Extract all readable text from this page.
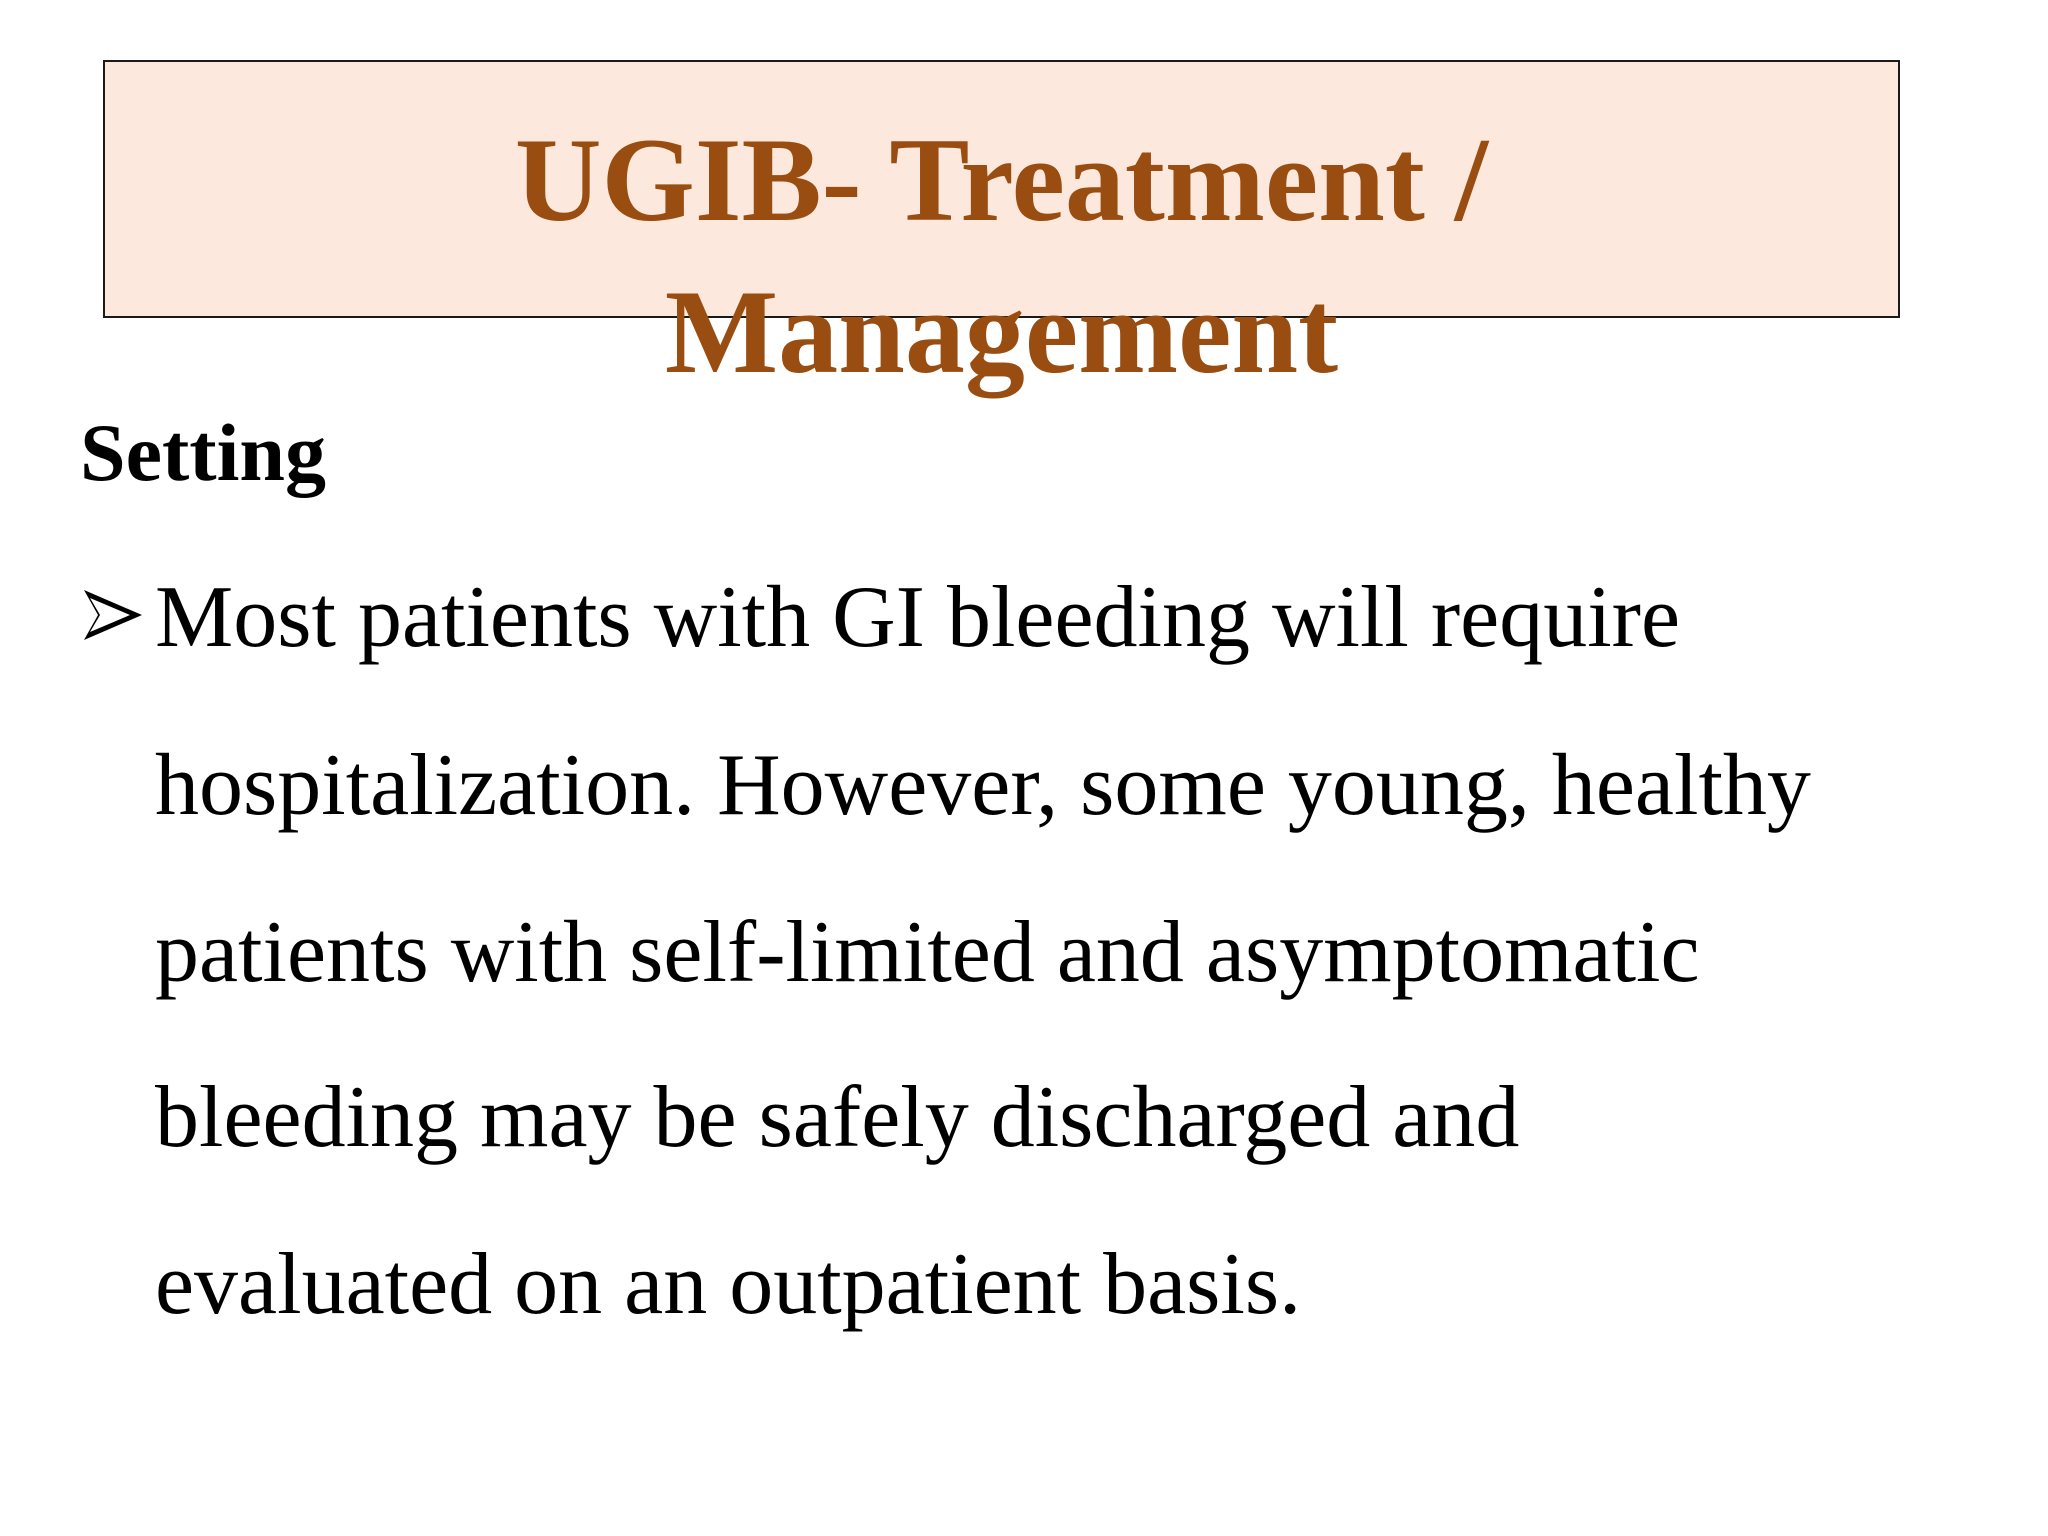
UGIB- Treatment /
Management
Setting
Most patients with GI bleeding will require
hospitalization. However, some young, healthy
patients with self-limited and asymptomatic
bleeding may be safely discharged and
evaluated on an outpatient basis.
